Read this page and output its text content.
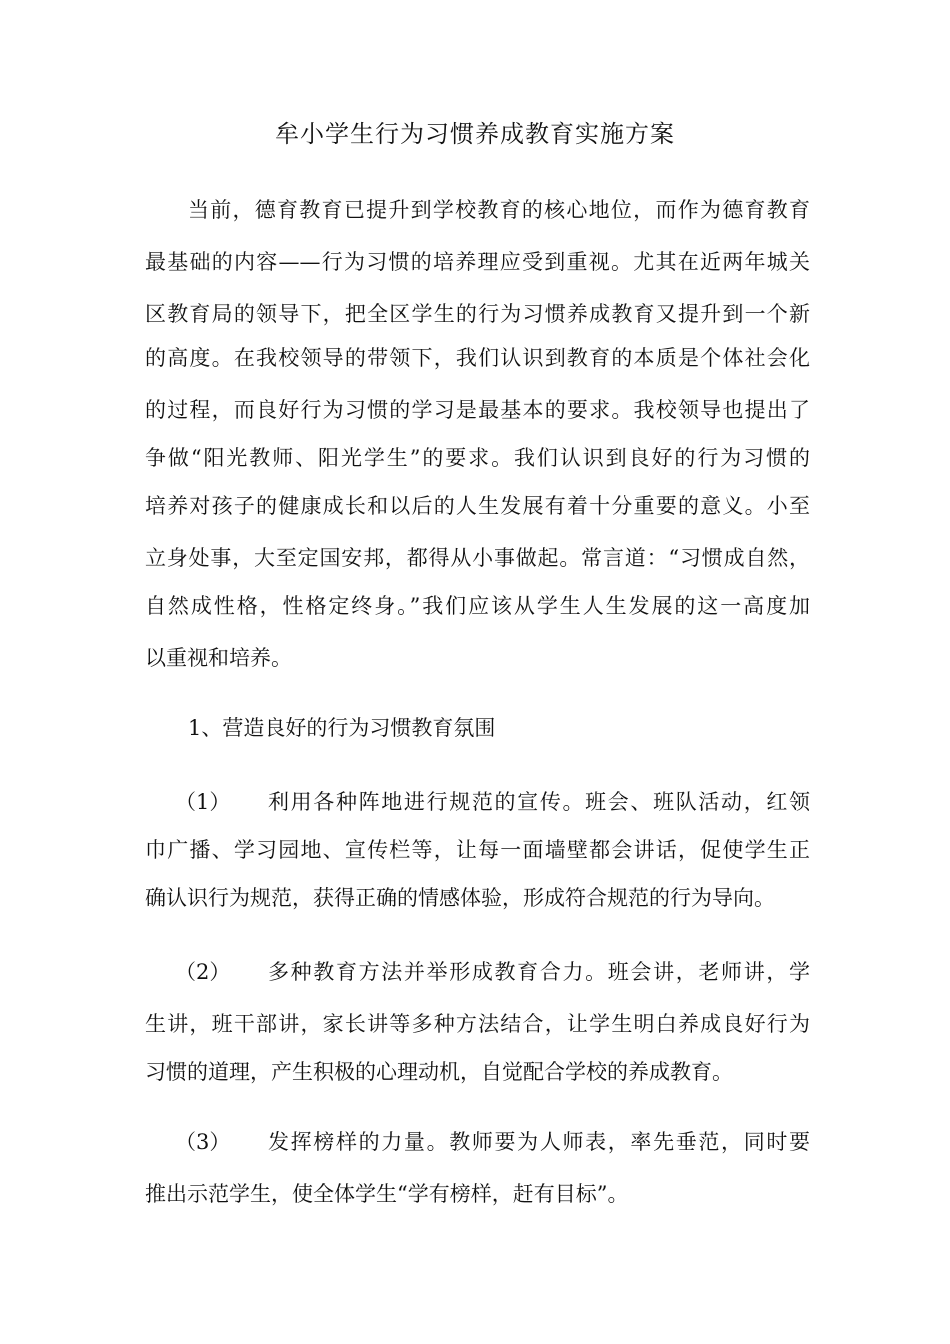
牟小学生行为习惯养成教育实施方案
当前，德育教育已提升到学校教育的核心地位，而作为德育教育
最基础的内容——行为习惯的培养理应受到重视。尤其在近两年城关
区教育局的领导下，把全区学生的行为习惯养成教育又提升到一个新
的高度。在我校领导的带领下，我们认识到教育的本质是个体社会化
的过程，而良好行为习惯的学习是最基本的要求。我校领导也提出了
争做“阳光教师、阳光学生”的要求。我们认识到良好的行为习惯的
培养对孩子的健康成长和以后的人生发展有着十分重要的意义。小至
立身处事，大至定国安邦，都得从小事做起。常言道：“习惯成自然，
自然成性格，性格定终身。”我们应该从学生人生发展的这一高度加
以重视和培养。
1、营造良好的行为习惯教育氛围
（1） 利用各种阵地进行规范的宣传。班会、班队活动，红领
巾广播、学习园地、宣传栏等，让每一面墙壁都会讲话，促使学生正
确认识行为规范，获得正确的情感体验，形成符合规范的行为导向。
（2） 多种教育方法并举形成教育合力。班会讲，老师讲，学
生讲，班干部讲，家长讲等多种方法结合，让学生明白养成良好行为
习惯的道理，产生积极的心理动机，自觉配合学校的养成教育。
（3） 发挥榜样的力量。教师要为人师表，率先垂范，同时要
推出示范学生，使全体学生“学有榜样，赶有目标”。
